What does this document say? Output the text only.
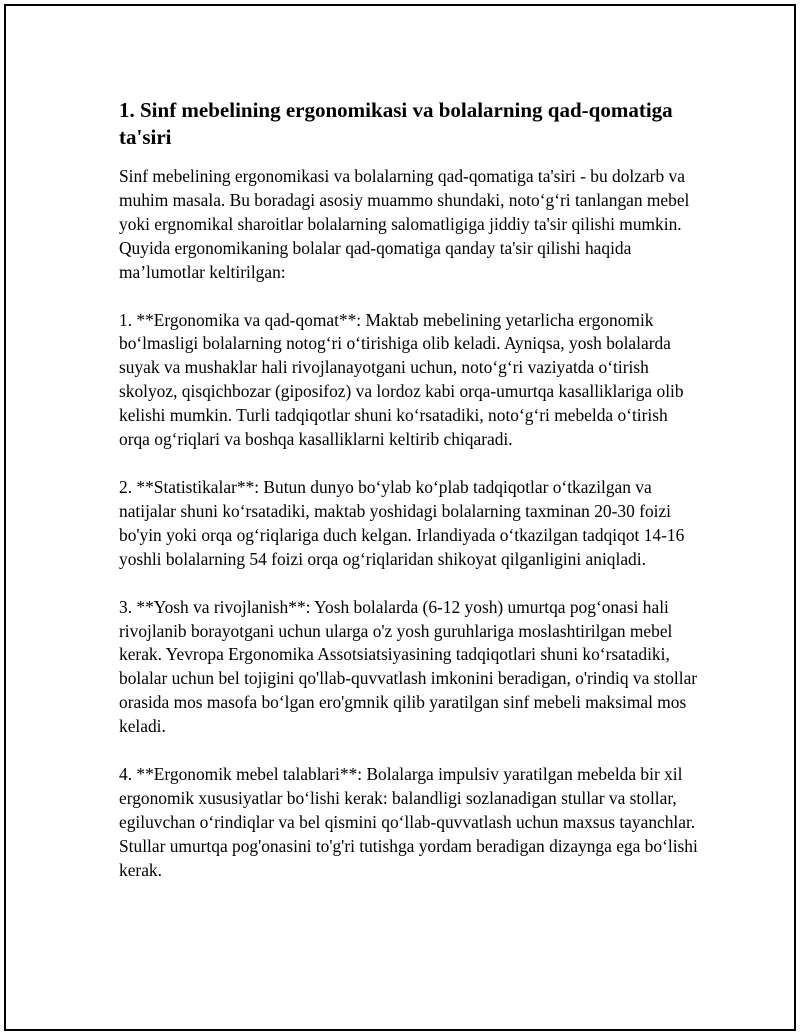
1. Sinf mebelining ergonomikasi va bolalarning qad-qomatiga ta'siri

Sinf mebelining ergonomikasi va bolalarning qad-qomatiga ta'siri - bu dolzarb va muhim masala. Bu boradagi asosiy muammo shundaki, noto‘g‘ri tanlangan mebel yoki ergnomikal sharoitlar bolalarning salomatligiga jiddiy ta'sir qilishi mumkin. Quyida ergonomikaning bolalar qad-qomatiga qanday ta'sir qilishi haqida ma’lumotlar keltirilgan:

1. **Ergonomika va qad-qomat**: Maktab mebelining yetarlicha ergonomik bo‘lmasligi bolalarning notog‘ri o‘tirishiga olib keladi. Ayniqsa, yosh bolalarda suyak va mushaklar hali rivojlanayotgani uchun, noto‘g‘ri vaziyatda o‘tirish skolyoz, qisqichbozar (giposifoz) va lordoz kabi orqa-umurtqa kasalliklariga olib kelishi mumkin. Turli tadqiqotlar shuni ko‘rsatadiki, noto‘g‘ri mebelda o‘tirish orqa og‘riqlari va boshqa kasalliklarni keltirib chiqaradi.

2. **Statistikalar**: Butun dunyo bo‘ylab ko‘plab tadqiqotlar o‘tkazilgan va natijalar shuni ko‘rsatadiki, maktab yoshidagi bolalarning taxminan 20-30 foizi bo'yin yoki orqa og‘riqlariga duch kelgan. Irlandiyada o‘tkazilgan tadqiqot 14-16 yoshli bolalarning 54 foizi orqa og‘riqlaridan shikoyat qilganligini aniqladi.

3. **Yosh va rivojlanish**: Yosh bolalarda (6-12 yosh) umurtqa pog‘onasi hali rivojlanib borayotgani uchun ularga o'z yosh guruhlariga moslashtirilgan mebel kerak. Yevropa Ergonomika Assotsiatsiyasining tadqiqotlari shuni ko‘rsatadiki, bolalar uchun bel tojigini qo'llab-quvvatlash imkonini beradigan, o'rindiq va stollar orasida mos masofa bo‘lgan ero'gmnik qilib yaratilgan sinf mebeli maksimal mos keladi.

4. **Ergonomik mebel talablari**: Bolalarga impulsiv yaratilgan mebelda bir xil ergonomik xususiyatlar bo‘lishi kerak: balandligi sozlanadigan stullar va stollar, egiluvchan o‘rindiqlar va bel qismini qo‘llab-quvvatlash uchun maxsus tayanchlar. Stullar umurtqa pog'onasini to'g'ri tutishga yordam beradigan dizaynga ega bo‘lishi kerak.
